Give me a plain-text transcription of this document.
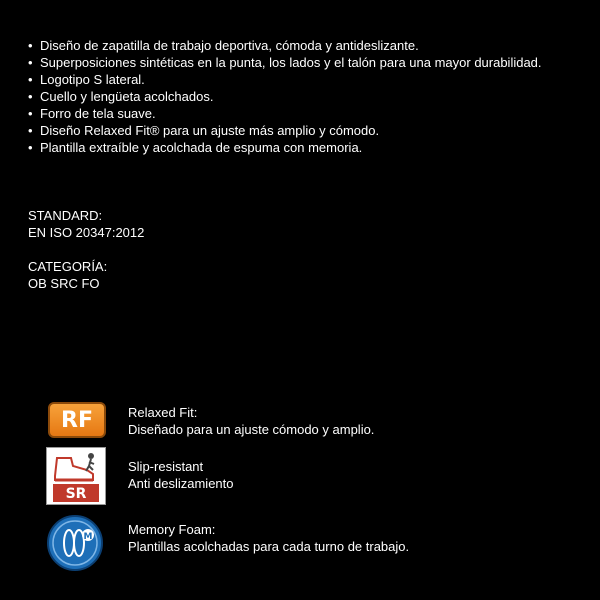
• Diseño de zapatilla de trabajo deportiva, cómoda y antideslizante.
• Superposiciones sintéticas en la punta, los lados y el talón para una mayor durabilidad.
• Logotipo S lateral.
• Cuello y lengüeta acolchados.
• Forro de tela suave.
• Diseño Relaxed Fit® para un ajuste más amplio y cómodo.
• Plantilla extraíble y acolchada de espuma con memoria.
STANDARD:
EN ISO 20347:2012
CATEGORÍA:
OB SRC FO
RF	Relaxed Fit:
Diseñado para un ajuste cómodo y amplio.
SR
Slip-resistant
Anti deslizamiento
M	Memory Foam:
Plantillas acolchadas para cada turno de trabajo.
